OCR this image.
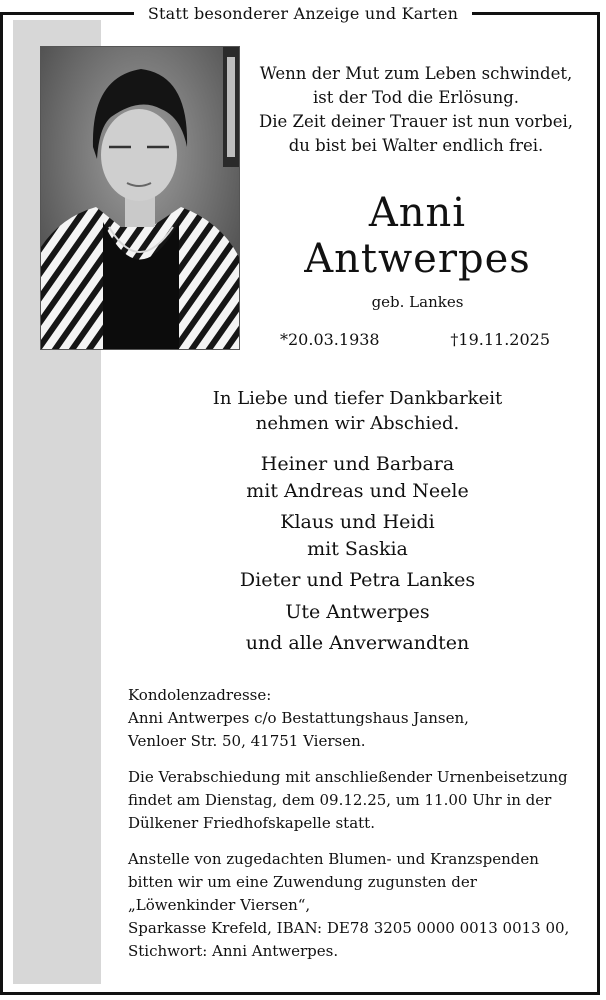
Statt besonderer Anzeige und Karten
Wenn der Mut zum Leben schwindet,
ist der Tod die Erlösung.
Die Zeit deiner Trauer ist nun vorbei,
du bist bei Walter endlich frei.
Anni
Antwerpes
geb. Lankes
*20.03.1938	†19.11.2025
In Liebe und tiefer Dankbarkeit
nehmen wir Abschied.
Heiner und Barbara
mit Andreas und Neele
Klaus und Heidi
mit Saskia
Dieter und Petra Lankes
Ute Antwerpes
und alle Anverwandten
Kondolenzadresse:
Anni Antwerpes c/o Bestattungshaus Jansen,
Venloer Str. 50, 41751 Viersen.
Die Verabschiedung mit anschließender Urnenbeisetzung
findet am Dienstag, dem 09.12.25, um 11.00 Uhr in der
Dülkener Friedhofskapelle statt.
Anstelle von zugedachten Blumen- und Kranzspenden
bitten wir um eine Zuwendung zugunsten der
„Löwenkinder Viersen“,
Sparkasse Krefeld, IBAN: DE78 3205 0000 0013 0013 00,
Stichwort: Anni Antwerpes.
